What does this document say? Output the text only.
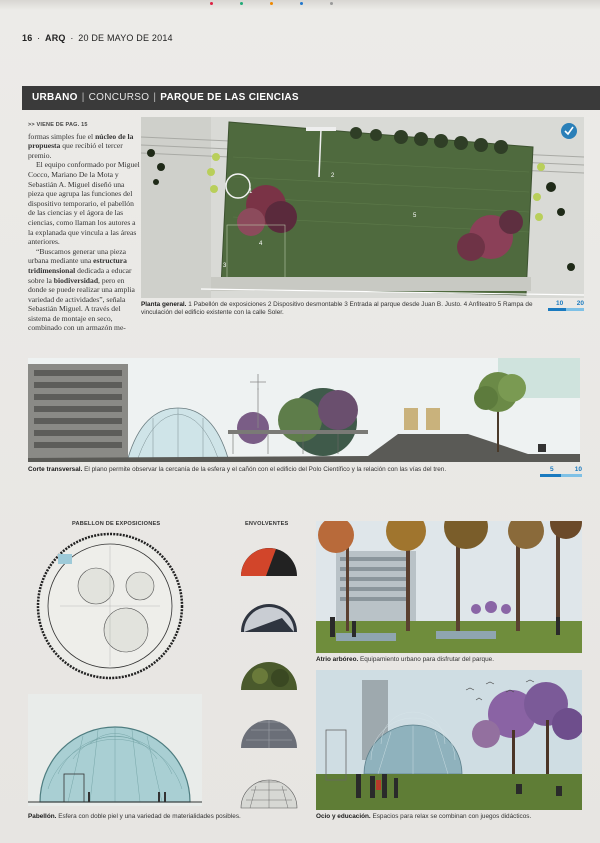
16 · ARQ · 20 DE MAYO DE 2014
URBANO | CONCURSO | PARQUE DE LAS CIENCIAS
>> VIENE DE PAG. 15

formas simples fue el núcleo de la propuesta que recibió el tercer premio.

El equipo conformado por Miguel Cocco, Mariano De la Mota y Sebastián A. Miguel diseñó una pieza que agrupa las funciones del dispositivo temporario, el pabellón de las ciencias y el ágora de las ciencias, como llaman los autores a la explanada que vincula a las áreas anteriores.

“Buscamos generar una pieza urbana mediante una estructura tridimensional dedicada a educar sobre la biodiversidad, pero en donde se puede realizar una amplia variedad de actividades”, señala Sebastián Miguel. A través del sistema de montaje en seco, combinado con un armazón me-

1
2
3
4
5
Planta general. 1 Pabellón de exposiciones 2 Dispositivo desmontable 3 Entrada al parque desde Juan B. Justo. 4 Anfiteatro 5 Rampa de vinculación del edificio existente con la calle Soler.
10 20
Corte transversal. El plano permite observar la cercanía de la esfera y el cañón con el edificio del Polo Científico y la relación con las vías del tren.	5	10
PABELLON DE EXPOSICIONES
Pabellón. Esfera con doble piel y una variedad de materialidades posibles.
ENVOLVENTES
Atrio arbóreo. Equipamiento urbano para disfrutar del parque.
Ocio y educación. Espacios para relax se combinan con juegos didácticos.
